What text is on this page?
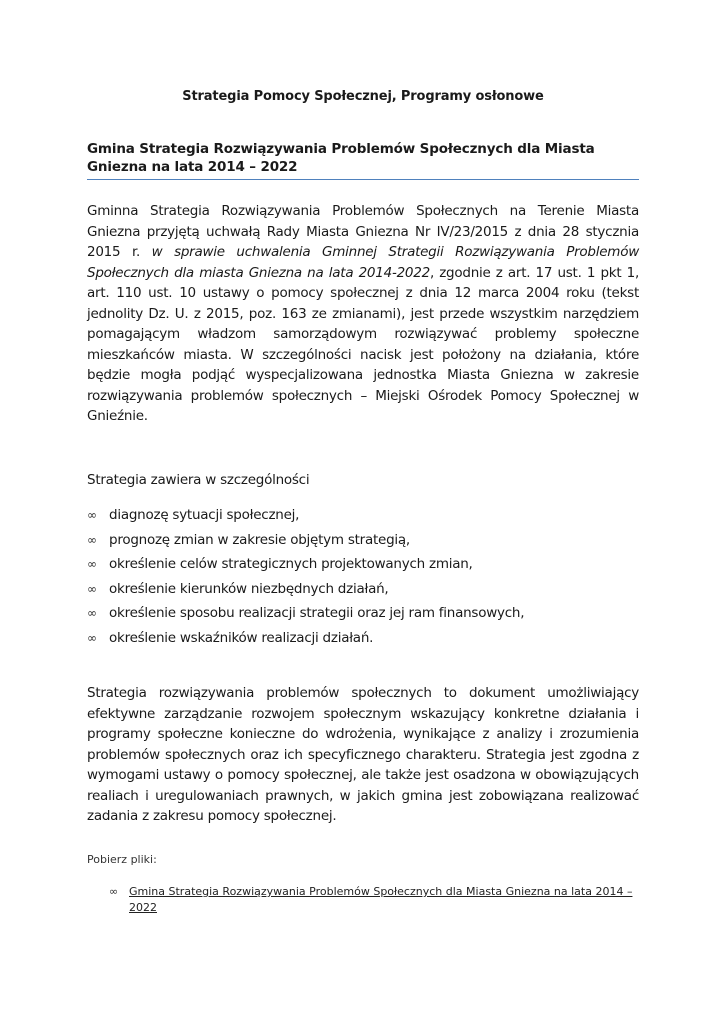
Strategia Pomocy Społecznej, Programy osłonowe
Gmina Strategia Rozwiązywania Problemów Społecznych dla Miasta Gniezna na lata 2014 – 2022
Gminna Strategia Rozwiązywania Problemów Społecznych na Terenie Miasta Gniezna przyjętą uchwałą Rady Miasta Gniezna Nr IV/23/2015 z dnia 28 stycznia 2015 r. w sprawie uchwalenia Gminnej Strategii Rozwiązywania Problemów Społecznych dla miasta Gniezna na lata 2014-2022, zgodnie z art. 17 ust. 1 pkt 1, art. 110 ust. 10 ustawy o pomocy społecznej z dnia 12 marca 2004 roku (tekst jednolity Dz. U. z 2015, poz. 163 ze zmianami), jest przede wszystkim narzędziem pomagającym władzom samorządowym rozwiązywać problemy społeczne mieszkańców miasta. W szczególności nacisk jest położony na działania, które będzie mogła podjąć wyspecjalizowana jednostka Miasta Gniezna w zakresie rozwiązywania problemów społecznych – Miejski Ośrodek Pomocy Społecznej w Gnieźnie.
Strategia zawiera w szczególności
∞ diagnozę sytuacji społecznej,
∞ prognozę zmian w zakresie objętym strategią,
∞ określenie celów strategicznych projektowanych zmian,
∞ określenie kierunków niezbędnych działań,
∞ określenie sposobu realizacji strategii oraz jej ram finansowych,
∞ określenie wskaźników realizacji działań.
Strategia rozwiązywania problemów społecznych to dokument umożliwiający efektywne zarządzanie rozwojem społecznym wskazujący konkretne działania i programy społeczne konieczne do wdrożenia, wynikające z analizy i zrozumienia problemów społecznych oraz ich specyficznego charakteru. Strategia jest zgodna z wymogami ustawy o pomocy społecznej, ale także jest osadzona w obowiązujących realiach i uregulowaniach prawnych, w jakich gmina jest zobowiązana realizować zadania z zakresu pomocy społecznej.
Pobierz pliki:
∞ Gmina Strategia Rozwiązywania Problemów Społecznych dla Miasta Gniezna na lata 2014 – 2022
